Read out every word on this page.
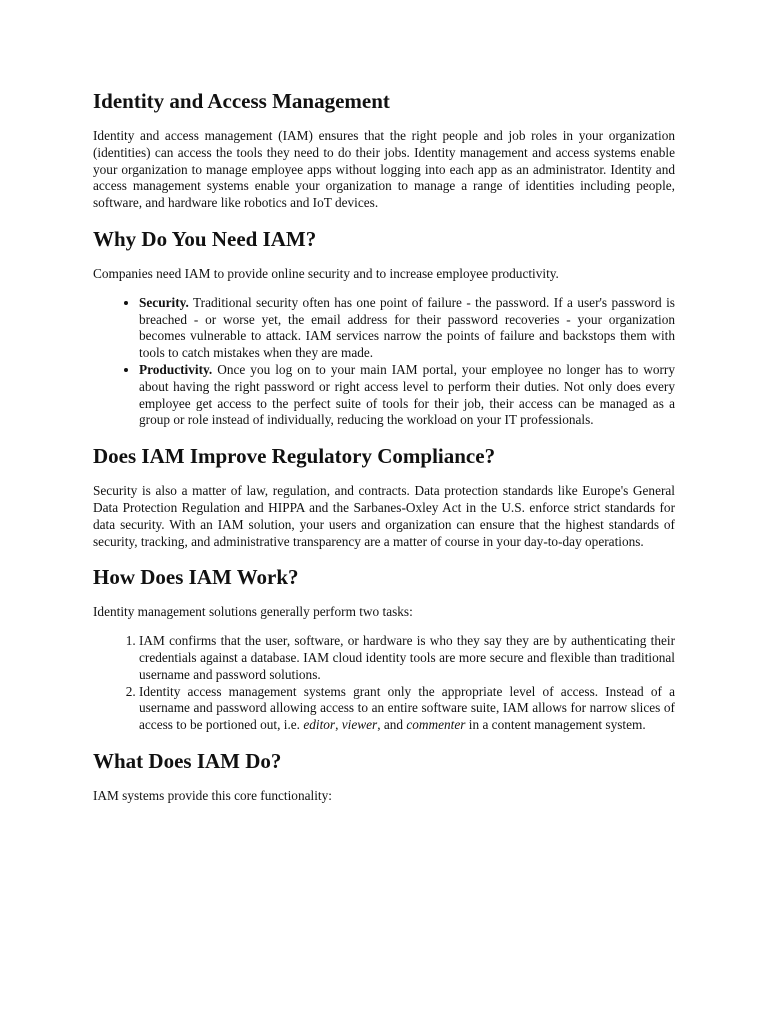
Identity and Access Management

Identity and access management (IAM) ensures that the right people and job roles in your organization (identities) can access the tools they need to do their jobs. Identity management and access systems enable your organization to manage employee apps without logging into each app as an administrator. Identity and access management systems enable your organization to manage a range of identities including people, software, and hardware like robotics and IoT devices.

Why Do You Need IAM?

Companies need IAM to provide online security and to increase employee productivity.

• Security. Traditional security often has one point of failure - the password. If a user's password is breached - or worse yet, the email address for their password recoveries - your organization becomes vulnerable to attack. IAM services narrow the points of failure and backstops them with tools to catch mistakes when they are made.
• Productivity. Once you log on to your main IAM portal, your employee no longer has to worry about having the right password or right access level to perform their duties. Not only does every employee get access to the perfect suite of tools for their job, their access can be managed as a group or role instead of individually, reducing the workload on your IT professionals.
Does IAM Improve Regulatory Compliance?

Security is also a matter of law, regulation, and contracts. Data protection standards like Europe's General Data Protection Regulation and HIPPA and the Sarbanes-Oxley Act in the U.S. enforce strict standards for data security. With an IAM solution, your users and organization can ensure that the highest standards of security, tracking, and administrative transparency are a matter of course in your day-to-day operations.

How Does IAM Work?

Identity management solutions generally perform two tasks:

1. IAM confirms that the user, software, or hardware is who they say they are by authenticating their credentials against a database. IAM cloud identity tools are more secure and flexible than traditional username and password solutions.
2. Identity access management systems grant only the appropriate level of access. Instead of a username and password allowing access to an entire software suite, IAM allows for narrow slices of access to be portioned out, i.e. editor, viewer, and commenter in a content management system.
What Does IAM Do?

IAM systems provide this core functionality:
